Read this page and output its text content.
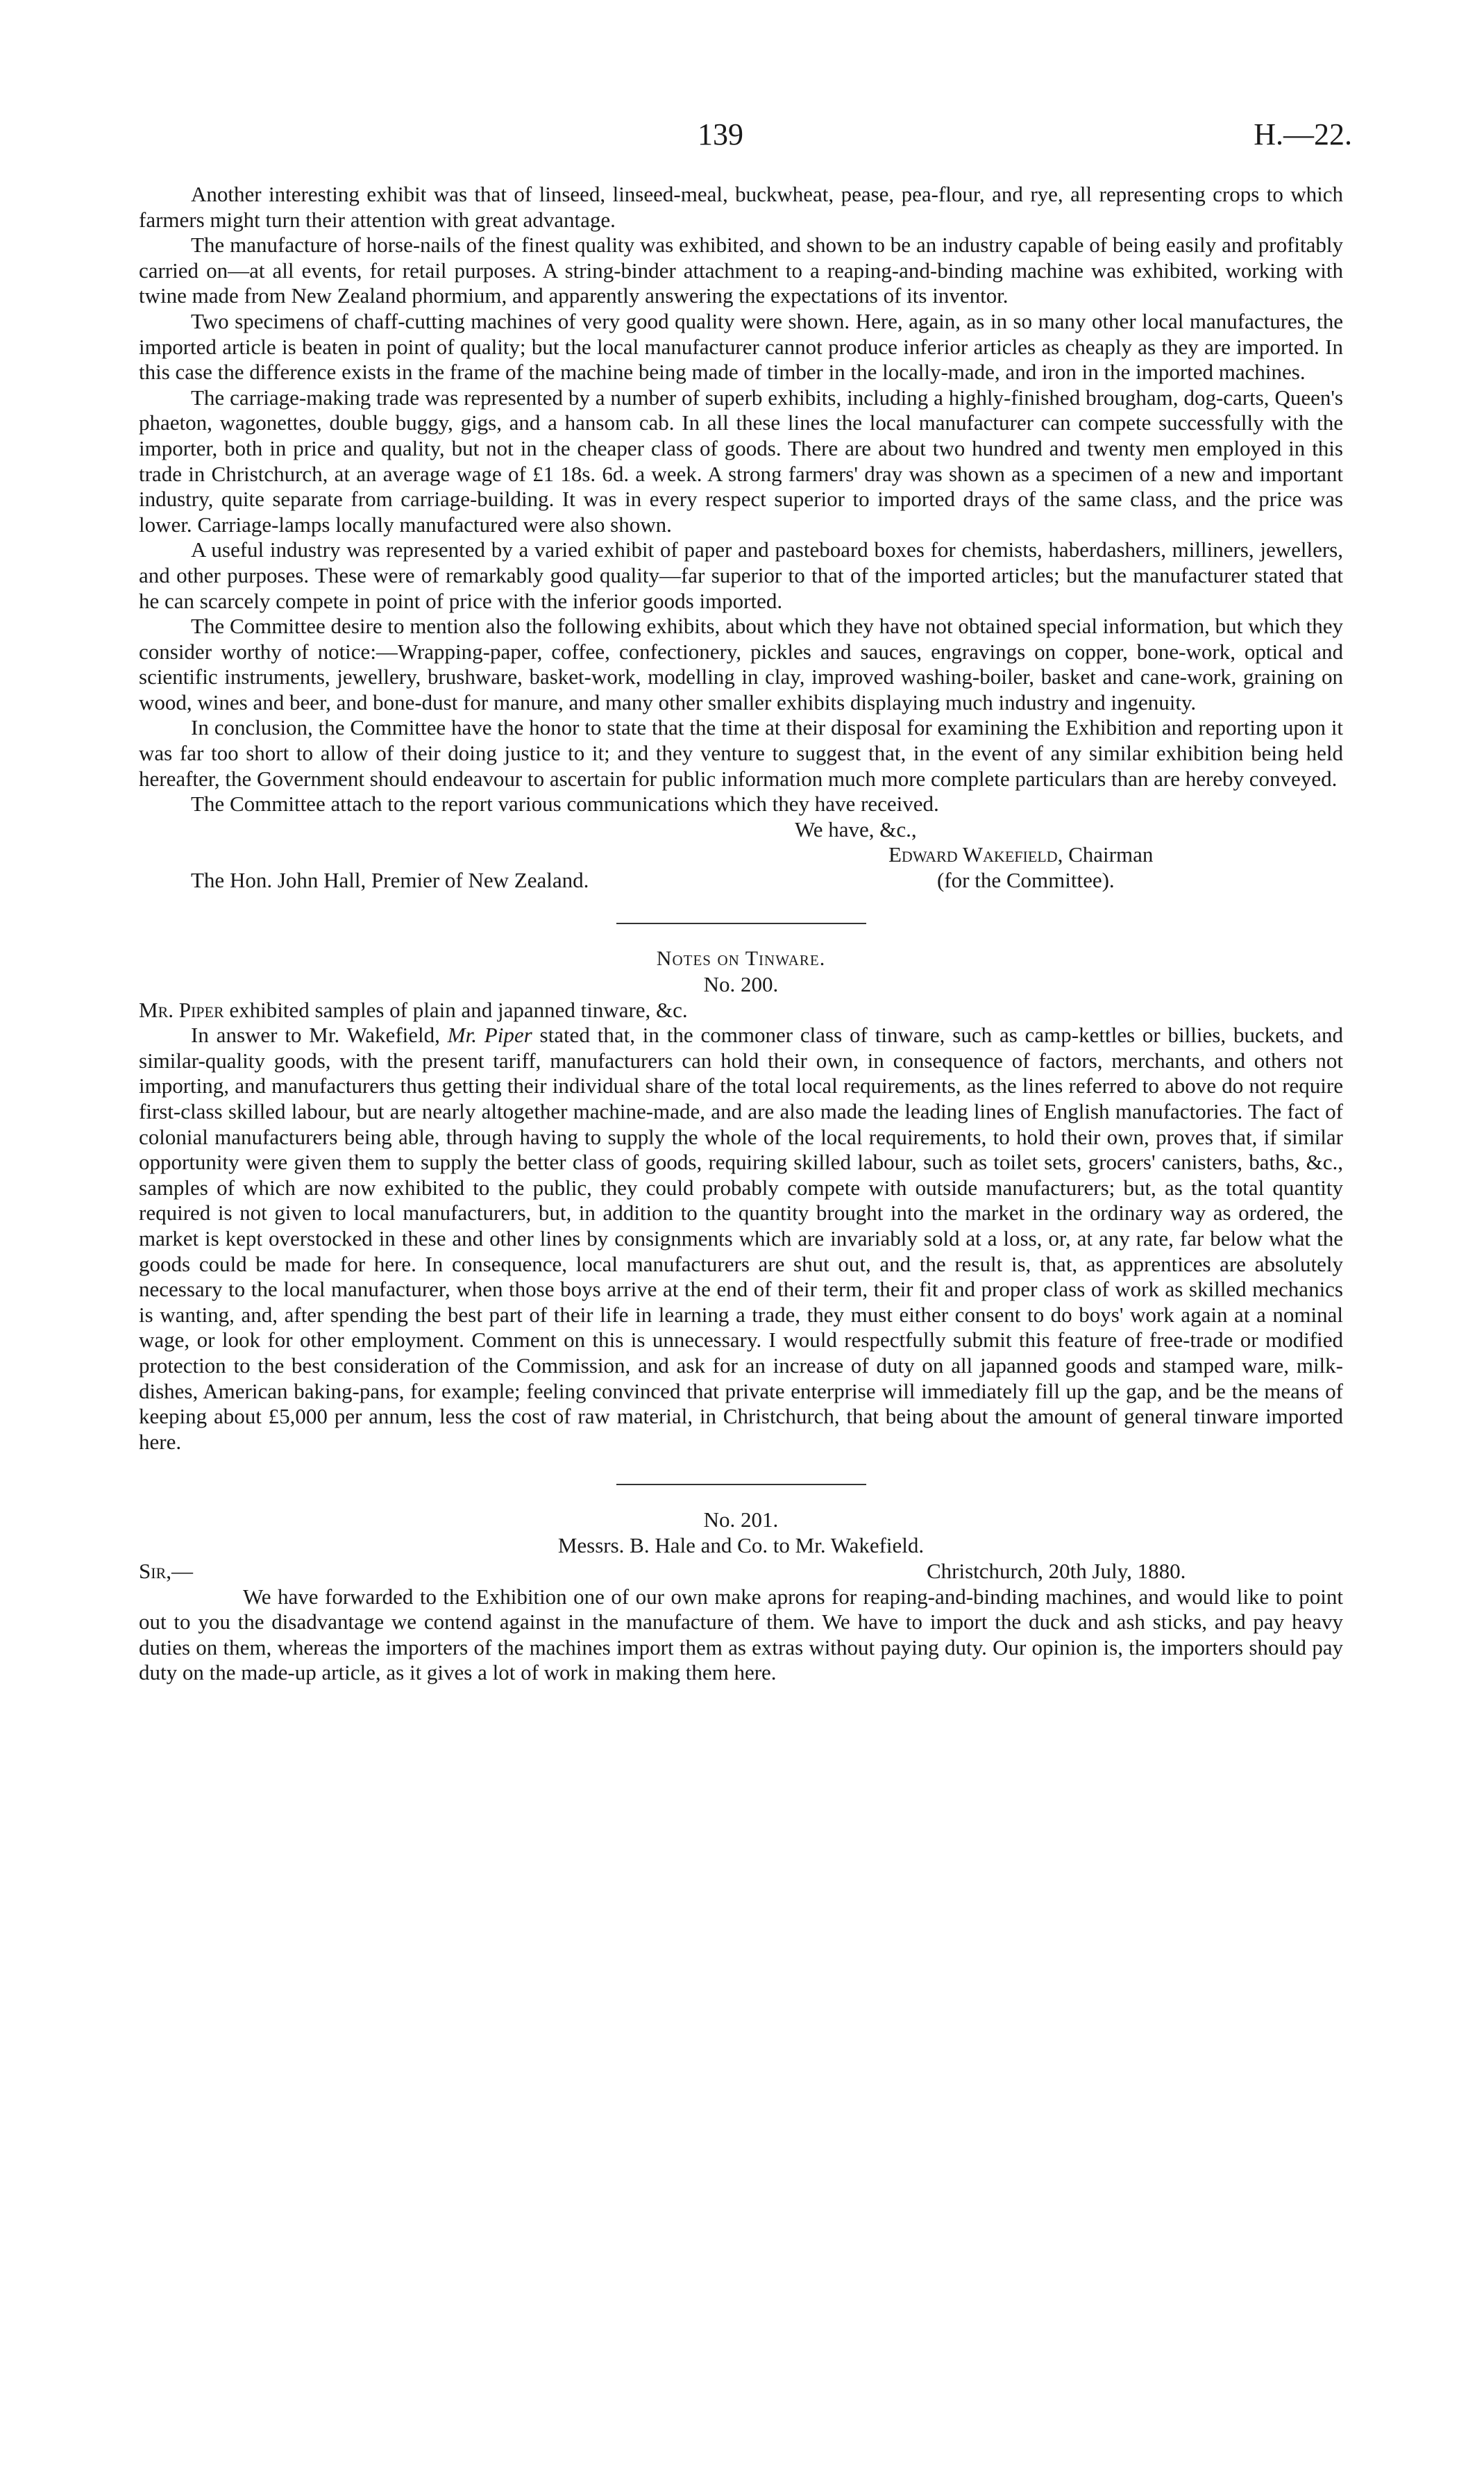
139	H.—22.

Another interesting exhibit was that of linseed, linseed-meal, buckwheat, pease, pea-flour, and rye, all representing crops to which farmers might turn their attention with great advantage.

The manufacture of horse-nails of the finest quality was exhibited, and shown to be an industry capable of being easily and profitably carried on—at all events, for retail purposes. A string-binder attachment to a reaping-and-binding machine was exhibited, working with twine made from New Zealand phormium, and apparently answering the expectations of its inventor.

Two specimens of chaff-cutting machines of very good quality were shown. Here, again, as in so many other local manufactures, the imported article is beaten in point of quality; but the local manufacturer cannot produce inferior articles as cheaply as they are imported. In this case the difference exists in the frame of the machine being made of timber in the locally-made, and iron in the imported machines.

The carriage-making trade was represented by a number of superb exhibits, including a highly-finished brougham, dog-carts, Queen's phaeton, wagonettes, double buggy, gigs, and a hansom cab. In all these lines the local manufacturer can compete successfully with the importer, both in price and quality, but not in the cheaper class of goods. There are about two hundred and twenty men employed in this trade in Christchurch, at an average wage of £1 18s. 6d. a week. A strong farmers' dray was shown as a specimen of a new and important industry, quite separate from carriage-building. It was in every respect superior to imported drays of the same class, and the price was lower. Carriage-lamps locally manufactured were also shown.

A useful industry was represented by a varied exhibit of paper and pasteboard boxes for chemists, haberdashers, milliners, jewellers, and other purposes. These were of remarkably good quality—far superior to that of the imported articles; but the manufacturer stated that he can scarcely compete in point of price with the inferior goods imported.

The Committee desire to mention also the following exhibits, about which they have not obtained special information, but which they consider worthy of notice:—Wrapping-paper, coffee, confectionery, pickles and sauces, engravings on copper, bone-work, optical and scientific instruments, jewellery, brushware, basket-work, modelling in clay, improved washing-boiler, basket and cane-work, graining on wood, wines and beer, and bone-dust for manure, and many other smaller exhibits displaying much industry and ingenuity.

In conclusion, the Committee have the honor to state that the time at their disposal for examining the Exhibition and reporting upon it was far too short to allow of their doing justice to it; and they venture to suggest that, in the event of any similar exhibition being held hereafter, the Government should endeavour to ascertain for public information much more complete particulars than are hereby conveyed.

The Committee attach to the report various communications which they have received.

We have, &c.,

Edward Wakefield, Chairman
The Hon. John Hall, Premier of New Zealand.	(for the Committee).

Notes on Tinware.

No. 200.

Mr. Piper exhibited samples of plain and japanned tinware, &c.

In answer to Mr. Wakefield, Mr. Piper stated that, in the commoner class of tinware, such as camp-kettles or billies, buckets, and similar-quality goods, with the present tariff, manufacturers can hold their own, in consequence of factors, merchants, and others not importing, and manufacturers thus getting their individual share of the total local requirements, as the lines referred to above do not require first-class skilled labour, but are nearly altogether machine-made, and are also made the leading lines of English manufactories. The fact of colonial manufacturers being able, through having to supply the whole of the local requirements, to hold their own, proves that, if similar opportunity were given them to supply the better class of goods, requiring skilled labour, such as toilet sets, grocers' canisters, baths, &c., samples of which are now exhibited to the public, they could probably compete with outside manufacturers; but, as the total quantity required is not given to local manufacturers, but, in addition to the quantity brought into the market in the ordinary way as ordered, the market is kept overstocked in these and other lines by consignments which are invariably sold at a loss, or, at any rate, far below what the goods could be made for here. In consequence, local manufacturers are shut out, and the result is, that, as apprentices are absolutely necessary to the local manufacturer, when those boys arrive at the end of their term, their fit and proper class of work as skilled mechanics is wanting, and, after spending the best part of their life in learning a trade, they must either consent to do boys' work again at a nominal wage, or look for other employment. Comment on this is unnecessary. I would respectfully submit this feature of free-trade or modified protection to the best consideration of the Commission, and ask for an increase of duty on all japanned goods and stamped ware, milk-dishes, American baking-pans, for example; feeling convinced that private enterprise will immediately fill up the gap, and be the means of keeping about £5,000 per annum, less the cost of raw material, in Christchurch, that being about the amount of general tinware imported here.

No. 201.

Messrs. B. Hale and Co. to Mr. Wakefield.

Sir,—	Christchurch, 20th July, 1880.

We have forwarded to the Exhibition one of our own make aprons for reaping-and-binding machines, and would like to point out to you the disadvantage we contend against in the manufacture of them. We have to import the duck and ash sticks, and pay heavy duties on them, whereas the importers of the machines import them as extras without paying duty. Our opinion is, the importers should pay duty on the made-up article, as it gives a lot of work in making them here.
